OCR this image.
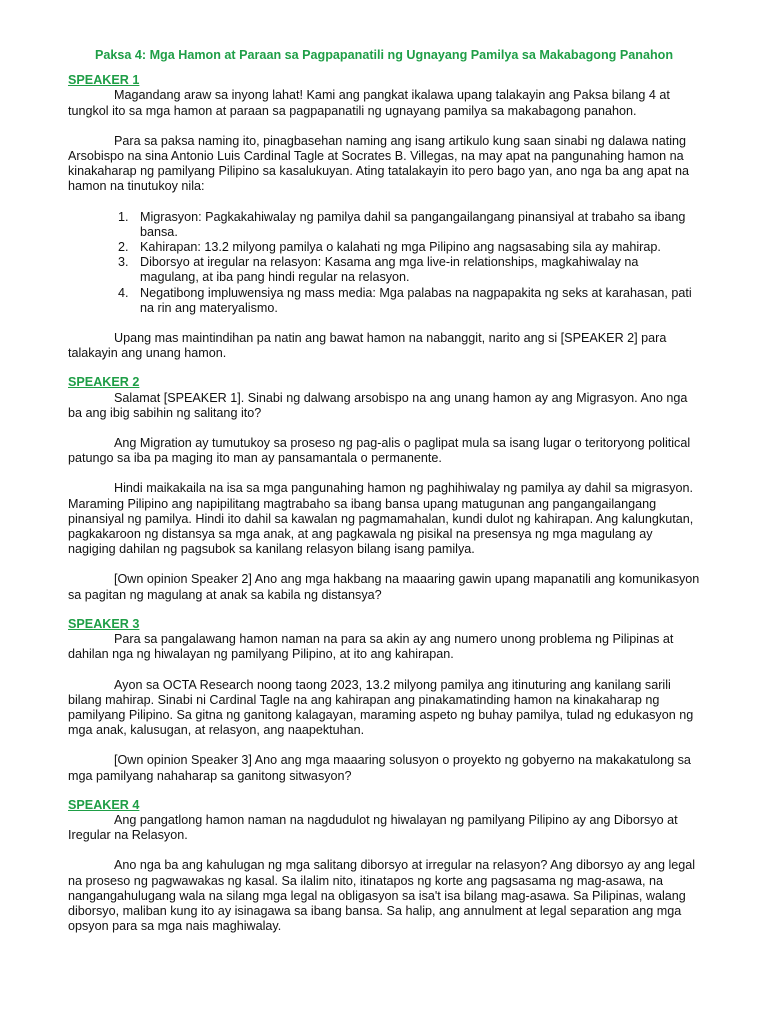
Paksa 4: Mga Hamon at Paraan sa Pagpapanatili ng Ugnayang Pamilya sa Makabagong Panahon

SPEAKER 1

Magandang araw sa inyong lahat! Kami ang pangkat ikalawa upang talakayin ang Paksa bilang 4 at tungkol ito sa mga hamon at paraan sa pagpapanatili ng ugnayang pamilya sa makabagong panahon.

Para sa paksa naming ito, pinagbasehan naming ang isang artikulo kung saan sinabi ng dalawa nating Arsobispo na sina Antonio Luis Cardinal Tagle at Socrates B. Villegas, na may apat na pangunahing hamon na kinakaharap ng pamilyang Pilipino sa kasalukuyan. Ating tatalakayin ito pero bago yan, ano nga ba ang apat na hamon na tinutukoy nila:

1. Migrasyon: Pagkakahiwalay ng pamilya dahil sa pangangailangang pinansiyal at trabaho sa ibang bansa.
2. Kahirapan: 13.2 milyong pamilya o kalahati ng mga Pilipino ang nagsasabing sila ay mahirap.
3. Diborsyo at iregular na relasyon: Kasama ang mga live-in relationships, magkahiwalay na magulang, at iba pang hindi regular na relasyon.
4. Negatibong impluwensiya ng mass media: Mga palabas na nagpapakita ng seks at karahasan, pati na rin ang materyalismo.

Upang mas maintindihan pa natin ang bawat hamon na nabanggit, narito ang si [SPEAKER 2] para talakayin ang unang hamon.

SPEAKER 2

Salamat [SPEAKER 1]. Sinabi ng dalwang arsobispo na ang unang hamon ay ang Migrasyon. Ano nga ba ang ibig sabihin ng salitang ito?

Ang Migration ay tumutukoy sa proseso ng pag-alis o paglipat mula sa isang lugar o teritoryong political patungo sa iba pa maging ito man ay pansamantala o permanente.

Hindi maikakaila na isa sa mga pangunahing hamon ng paghihiwalay ng pamilya ay dahil sa migrasyon. Maraming Pilipino ang napipilitang magtrabaho sa ibang bansa upang matugunan ang pangangailangang pinansiyal ng pamilya. Hindi ito dahil sa kawalan ng pagmamahalan, kundi dulot ng kahirapan. Ang kalungkutan, pagkakaroon ng distansya sa mga anak, at ang pagkawala ng pisikal na presensya ng mga magulang ay nagiging dahilan ng pagsubok sa kanilang relasyon bilang isang pamilya.

[Own opinion Speaker 2] Ano ang mga hakbang na maaaring gawin upang mapanatili ang komunikasyon sa pagitan ng magulang at anak sa kabila ng distansya?

SPEAKER 3

Para sa pangalawang hamon naman na para sa akin ay ang numero unong problema ng Pilipinas at dahilan nga ng hiwalayan ng pamilyang Pilipino, at ito ang kahirapan.

Ayon sa OCTA Research noong taong 2023, 13.2 milyong pamilya ang itinuturing ang kanilang sarili bilang mahirap. Sinabi ni Cardinal Tagle na ang kahirapan ang pinakamatinding hamon na kinakaharap ng pamilyang Pilipino. Sa gitna ng ganitong kalagayan, maraming aspeto ng buhay pamilya, tulad ng edukasyon ng mga anak, kalusugan, at relasyon, ang naapektuhan.

[Own opinion Speaker 3] Ano ang mga maaaring solusyon o proyekto ng gobyerno na makakatulong sa mga pamilyang nahaharap sa ganitong sitwasyon?

SPEAKER 4

Ang pangatlong hamon naman na nagdudulot ng hiwalayan ng pamilyang Pilipino ay ang Diborsyo at Iregular na Relasyon.

Ano nga ba ang kahulugan ng mga salitang diborsyo at irregular na relasyon? Ang diborsyo ay ang legal na proseso ng pagwawakas ng kasal. Sa ilalim nito, itinatapos ng korte ang pagsasama ng mag-asawa, na nangangahulugang wala na silang mga legal na obligasyon sa isa't isa bilang mag-asawa. Sa Pilipinas, walang diborsyo, maliban kung ito ay isinagawa sa ibang bansa. Sa halip, ang annulment at legal separation ang mga opsyon para sa mga nais maghiwalay.
